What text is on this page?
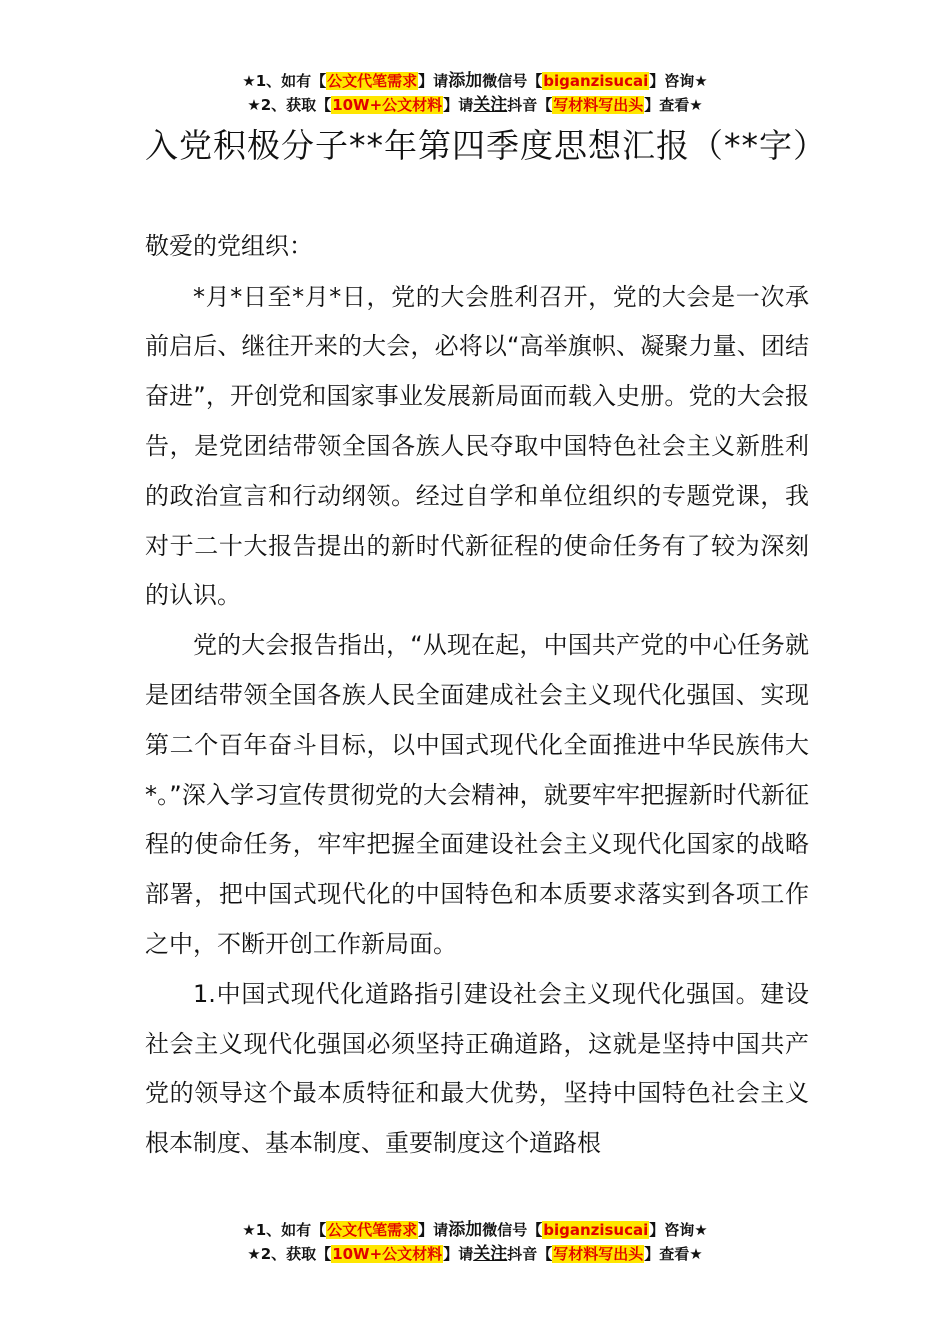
★1、如有【公文代笔需求】请添加微信号【biganzisucai】咨询★
★2、获取【10W+公文材料】请关注抖音【写材料写出头】查看★
入党积极分子**年第四季度思想汇报（**字）

敬爱的党组织：

*月*日至*月*日，党的大会胜利召开，党的大会是一次承前启后、继往开来的大会，必将以“高举旗帜、凝聚力量、团结奋进”，开创党和国家事业发展新局面而载入史册。党的大会报告，是党团结带领全国各族人民夺取中国特色社会主义新胜利的政治宣言和行动纲领。经过自学和单位组织的专题党课，我对于二十大报告提出的新时代新征程的使命任务有了较为深刻的认识。

党的大会报告指出，“从现在起，中国共产党的中心任务就是团结带领全国各族人民全面建成社会主义现代化强国、实现第二个百年奋斗目标，以中国式现代化全面推进中华民族伟大*。”深入学习宣传贯彻党的大会精神，就要牢牢把握新时代新征程的使命任务，牢牢把握全面建设社会主义现代化国家的战略部署，把中国式现代化的中国特色和本质要求落实到各项工作之中，不断开创工作新局面。

1.中国式现代化道路指引建设社会主义现代化强国。建设社会主义现代化强国必须坚持正确道路，这就是坚持中国共产党的领导这个最本质特征和最大优势，坚持中国特色社会主义根本制度、基本制度、重要制度这个道路根

★1、如有【公文代笔需求】请添加微信号【biganzisucai】咨询★
★2、获取【10W+公文材料】请关注抖音【写材料写出头】查看★
